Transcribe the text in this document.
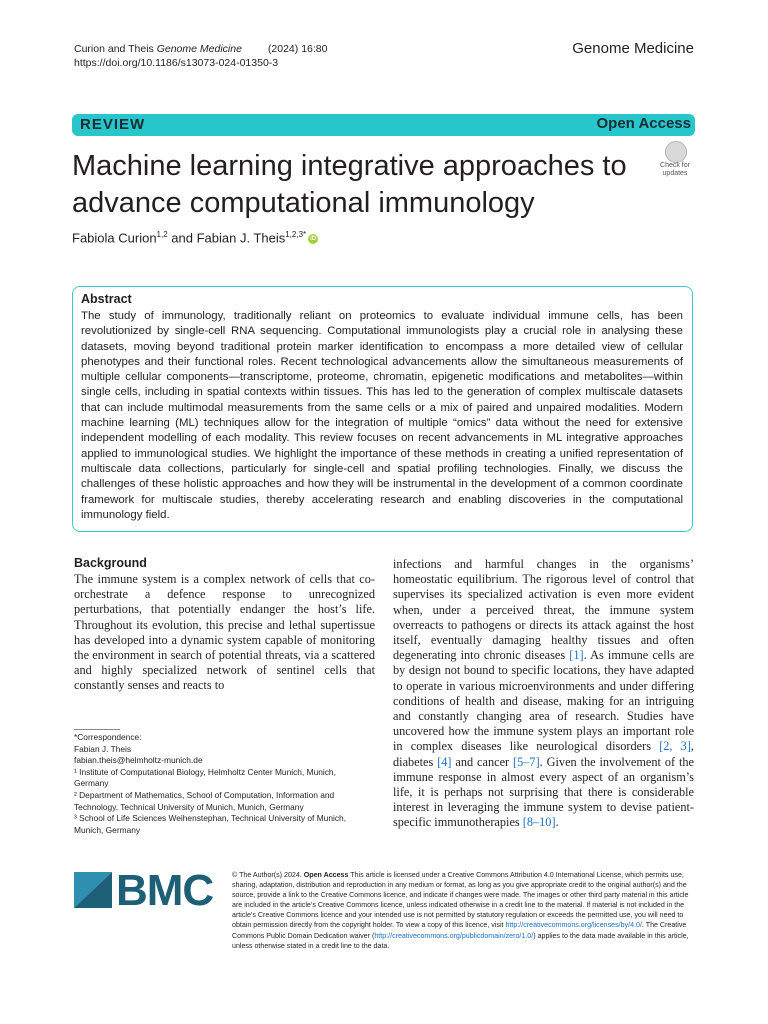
Curion and Theis Genome Medicine (2024) 16:80
https://doi.org/10.1186/s13073-024-01350-3
Genome Medicine
REVIEW	Open Access
Check for updates
Machine learning integrative approaches to advance computational immunology
Fabiola Curion$^{1,2}$ and Fabian J. Theis$^{1,2,3*}$iD
Abstract
The study of immunology, traditionally reliant on proteomics to evaluate individual immune cells, has been revolutionized by single-cell RNA sequencing. Computational immunologists play a crucial role in analysing these datasets, moving beyond traditional protein marker identification to encompass a more detailed view of cellular phenotypes and their functional roles. Recent technological advancements allow the simultaneous measurements of multiple cellular components—transcriptome, proteome, chromatin, epigenetic modifications and metabolites—within single cells, including in spatial contexts within tissues. This has led to the generation of complex multiscale datasets that can include multimodal measurements from the same cells or a mix of paired and unpaired modalities. Modern machine learning (ML) techniques allow for the integration of multiple “omics” data without the need for extensive independent modelling of each modality. This review focuses on recent advancements in ML integrative approaches applied to immunological studies. We highlight the importance of these methods in creating a unified representation of multiscale data collections, particularly for single-cell and spatial profiling technologies. Finally, we discuss the challenges of these holistic approaches and how they will be instrumental in the development of a common coordinate framework for multiscale studies, thereby accelerating research and enabling discoveries in the computational immunology field.
Background
The immune system is a complex network of cells that co-orchestrate a defence response to unrecognized perturbations, that potentially endanger the host’s life. Throughout its evolution, this precise and lethal supertissue has developed into a dynamic system capable of monitoring the environment in search of potential threats, via a scattered and highly specialized network of sentinel cells that constantly senses and reacts to
infections and harmful changes in the organisms’ homeostatic equilibrium. The rigorous level of control that supervises its specialized activation is even more evident when, under a perceived threat, the immune system overreacts to pathogens or directs its attack against the host itself, eventually damaging healthy tissues and often degenerating into chronic diseases [1]. As immune cells are by design not bound to specific locations, they have adapted to operate in various microenvironments and under differing conditions of health and disease, making for an intriguing and constantly changing area of research. Studies have uncovered how the immune system plays an important role in complex diseases like neurological disorders [2, 3], diabetes [4] and cancer [5–7]. Given the involvement of the immune response in almost every aspect of an organism’s life, it is perhaps not surprising that there is considerable interest in leveraging the immune system to devise patient-specific immunotherapies [8–10].
*Correspondence:
Fabian J. Theis
fabian.theis@helmholtz-munich.de
¹ Institute of Computational Biology, Helmholtz Center Munich, Munich, Germany
² Department of Mathematics, School of Computation, Information and Technology, Technical University of Munich, Munich, Germany
³ School of Life Sciences Weihenstephan, Technical University of Munich, Munich, Germany
BMC	© The Author(s) 2024. Open Access This article is licensed under a Creative Commons Attribution 4.0 International License, which permits use, sharing, adaptation, distribution and reproduction in any medium or format, as long as you give appropriate credit to the original author(s) and the source, provide a link to the Creative Commons licence, and indicate if changes were made. The images or other third party material in this article are included in the article’s Creative Commons licence, unless indicated otherwise in a credit line to the material. If material is not included in the article’s Creative Commons licence and your intended use is not permitted by statutory regulation or exceeds the permitted use, you will need to obtain permission directly from the copyright holder. To view a copy of this licence, visit http://creativecommons.org/licenses/by/4.0/. The Creative Commons Public Domain Dedication waiver (http://creativecommons.org/publicdomain/zero/1.0/) applies to the data made available in this article, unless otherwise stated in a credit line to the data.
